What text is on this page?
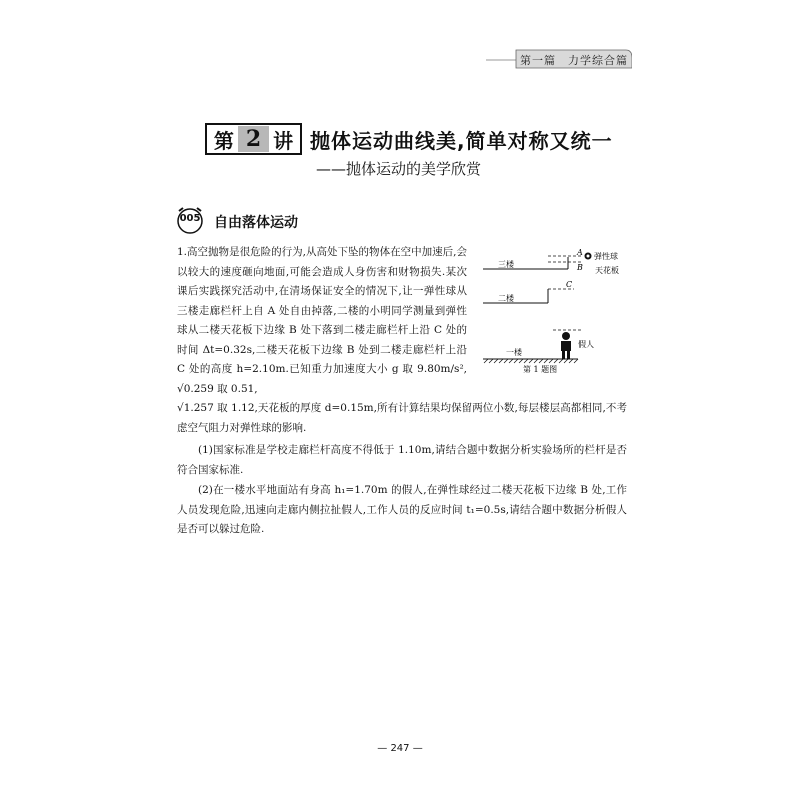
第一篇　力学综合篇
第 2 讲 抛体运动曲线美,简单对称又统一
——抛体运动的美学欣赏
005 自由落体运动
1.高空抛物是很危险的行为,从高处下坠的物体在空中加速后,会以较大的速度砸向地面,可能会造成人身伤害和财物损失.某次课后实践探究活动中,在清场保证安全的情况下,让一弹性球从三楼走廊栏杆上自 A 处自由掉落,二楼的小明同学测量到弹性球从二楼天花板下边缘 B 处下落到二楼走廊栏杆上沿 C 处的时间 Δt=0.32s,二楼天花板下边缘 B 处到二楼走廊栏杆上沿 C 处的高度 h=2.10m.已知重力加速度大小 g 取 9.80m/s², √0.259 取 0.51,
√1.257 取 1.12,天花板的厚度 d=0.15m,所有计算结果均保留两位小数,每层楼层高都相同,不考虑空气阻力对弹性球的影响.
(1)国家标准是学校走廊栏杆高度不得低于 1.10m,请结合题中数据分析实验场所的栏杆是否符合国家标准.
(2)在一楼水平地面站有身高 h₁=1.70m 的假人,在弹性球经过二楼天花板下边缘 B 处,工作人员发现危险,迅速向走廊内侧拉扯假人,工作人员的反应时间 t₁=0.5s,请结合题中数据分析假人是否可以躲过危险.
A
B
弹性球
天花板
三楼
C
二楼
假人
一楼
第 1 题图
— 247 —
